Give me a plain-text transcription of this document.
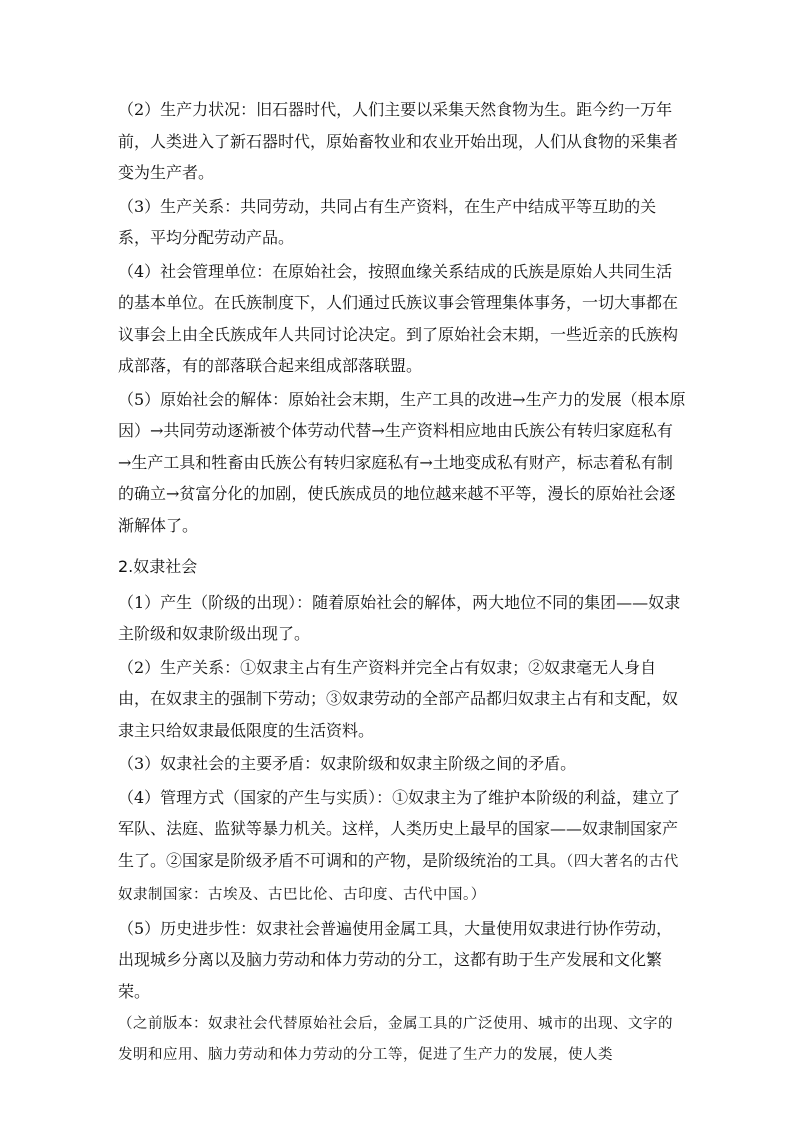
（2）生产力状况：旧石器时代，人们主要以采集天然食物为生。距今约一万年前，人类进入了新石器时代，原始畜牧业和农业开始出现，人们从食物的采集者变为生产者。

（3）生产关系：共同劳动，共同占有生产资料，在生产中结成平等互助的关系，平均分配劳动产品。

（4）社会管理单位：在原始社会，按照血缘关系结成的氏族是原始人共同生活的基本单位。在氏族制度下，人们通过氏族议事会管理集体事务，一切大事都在议事会上由全氏族成年人共同讨论决定。到了原始社会末期，一些近亲的氏族构成部落，有的部落联合起来组成部落联盟。

（5）原始社会的解体：原始社会末期，生产工具的改进→生产力的发展（根本原因）→共同劳动逐渐被个体劳动代替→生产资料相应地由氏族公有转归家庭私有→生产工具和牲畜由氏族公有转归家庭私有→土地变成私有财产，标志着私有制的确立→贫富分化的加剧，使氏族成员的地位越来越不平等，漫长的原始社会逐渐解体了。

2.奴隶社会

（1）产生（阶级的出现）：随着原始社会的解体，两大地位不同的集团——奴隶主阶级和奴隶阶级出现了。

（2）生产关系：①奴隶主占有生产资料并完全占有奴隶；②奴隶毫无人身自由，在奴隶主的强制下劳动；③奴隶劳动的全部产品都归奴隶主占有和支配，奴隶主只给奴隶最低限度的生活资料。

（3）奴隶社会的主要矛盾：奴隶阶级和奴隶主阶级之间的矛盾。

（4）管理方式（国家的产生与实质）：①奴隶主为了维护本阶级的利益，建立了军队、法庭、监狱等暴力机关。这样，人类历史上最早的国家——奴隶制国家产生了。②国家是阶级矛盾不可调和的产物，是阶级统治的工具。（四大著名的古代奴隶制国家：古埃及、古巴比伦、古印度、古代中国。）

（5）历史进步性：奴隶社会普遍使用金属工具，大量使用奴隶进行协作劳动，出现城乡分离以及脑力劳动和体力劳动的分工，这都有助于生产发展和文化繁荣。

（之前版本：奴隶社会代替原始社会后，金属工具的广泛使用、城市的出现、文字的发明和应用、脑力劳动和体力劳动的分工等，促进了生产力的发展，使人类
